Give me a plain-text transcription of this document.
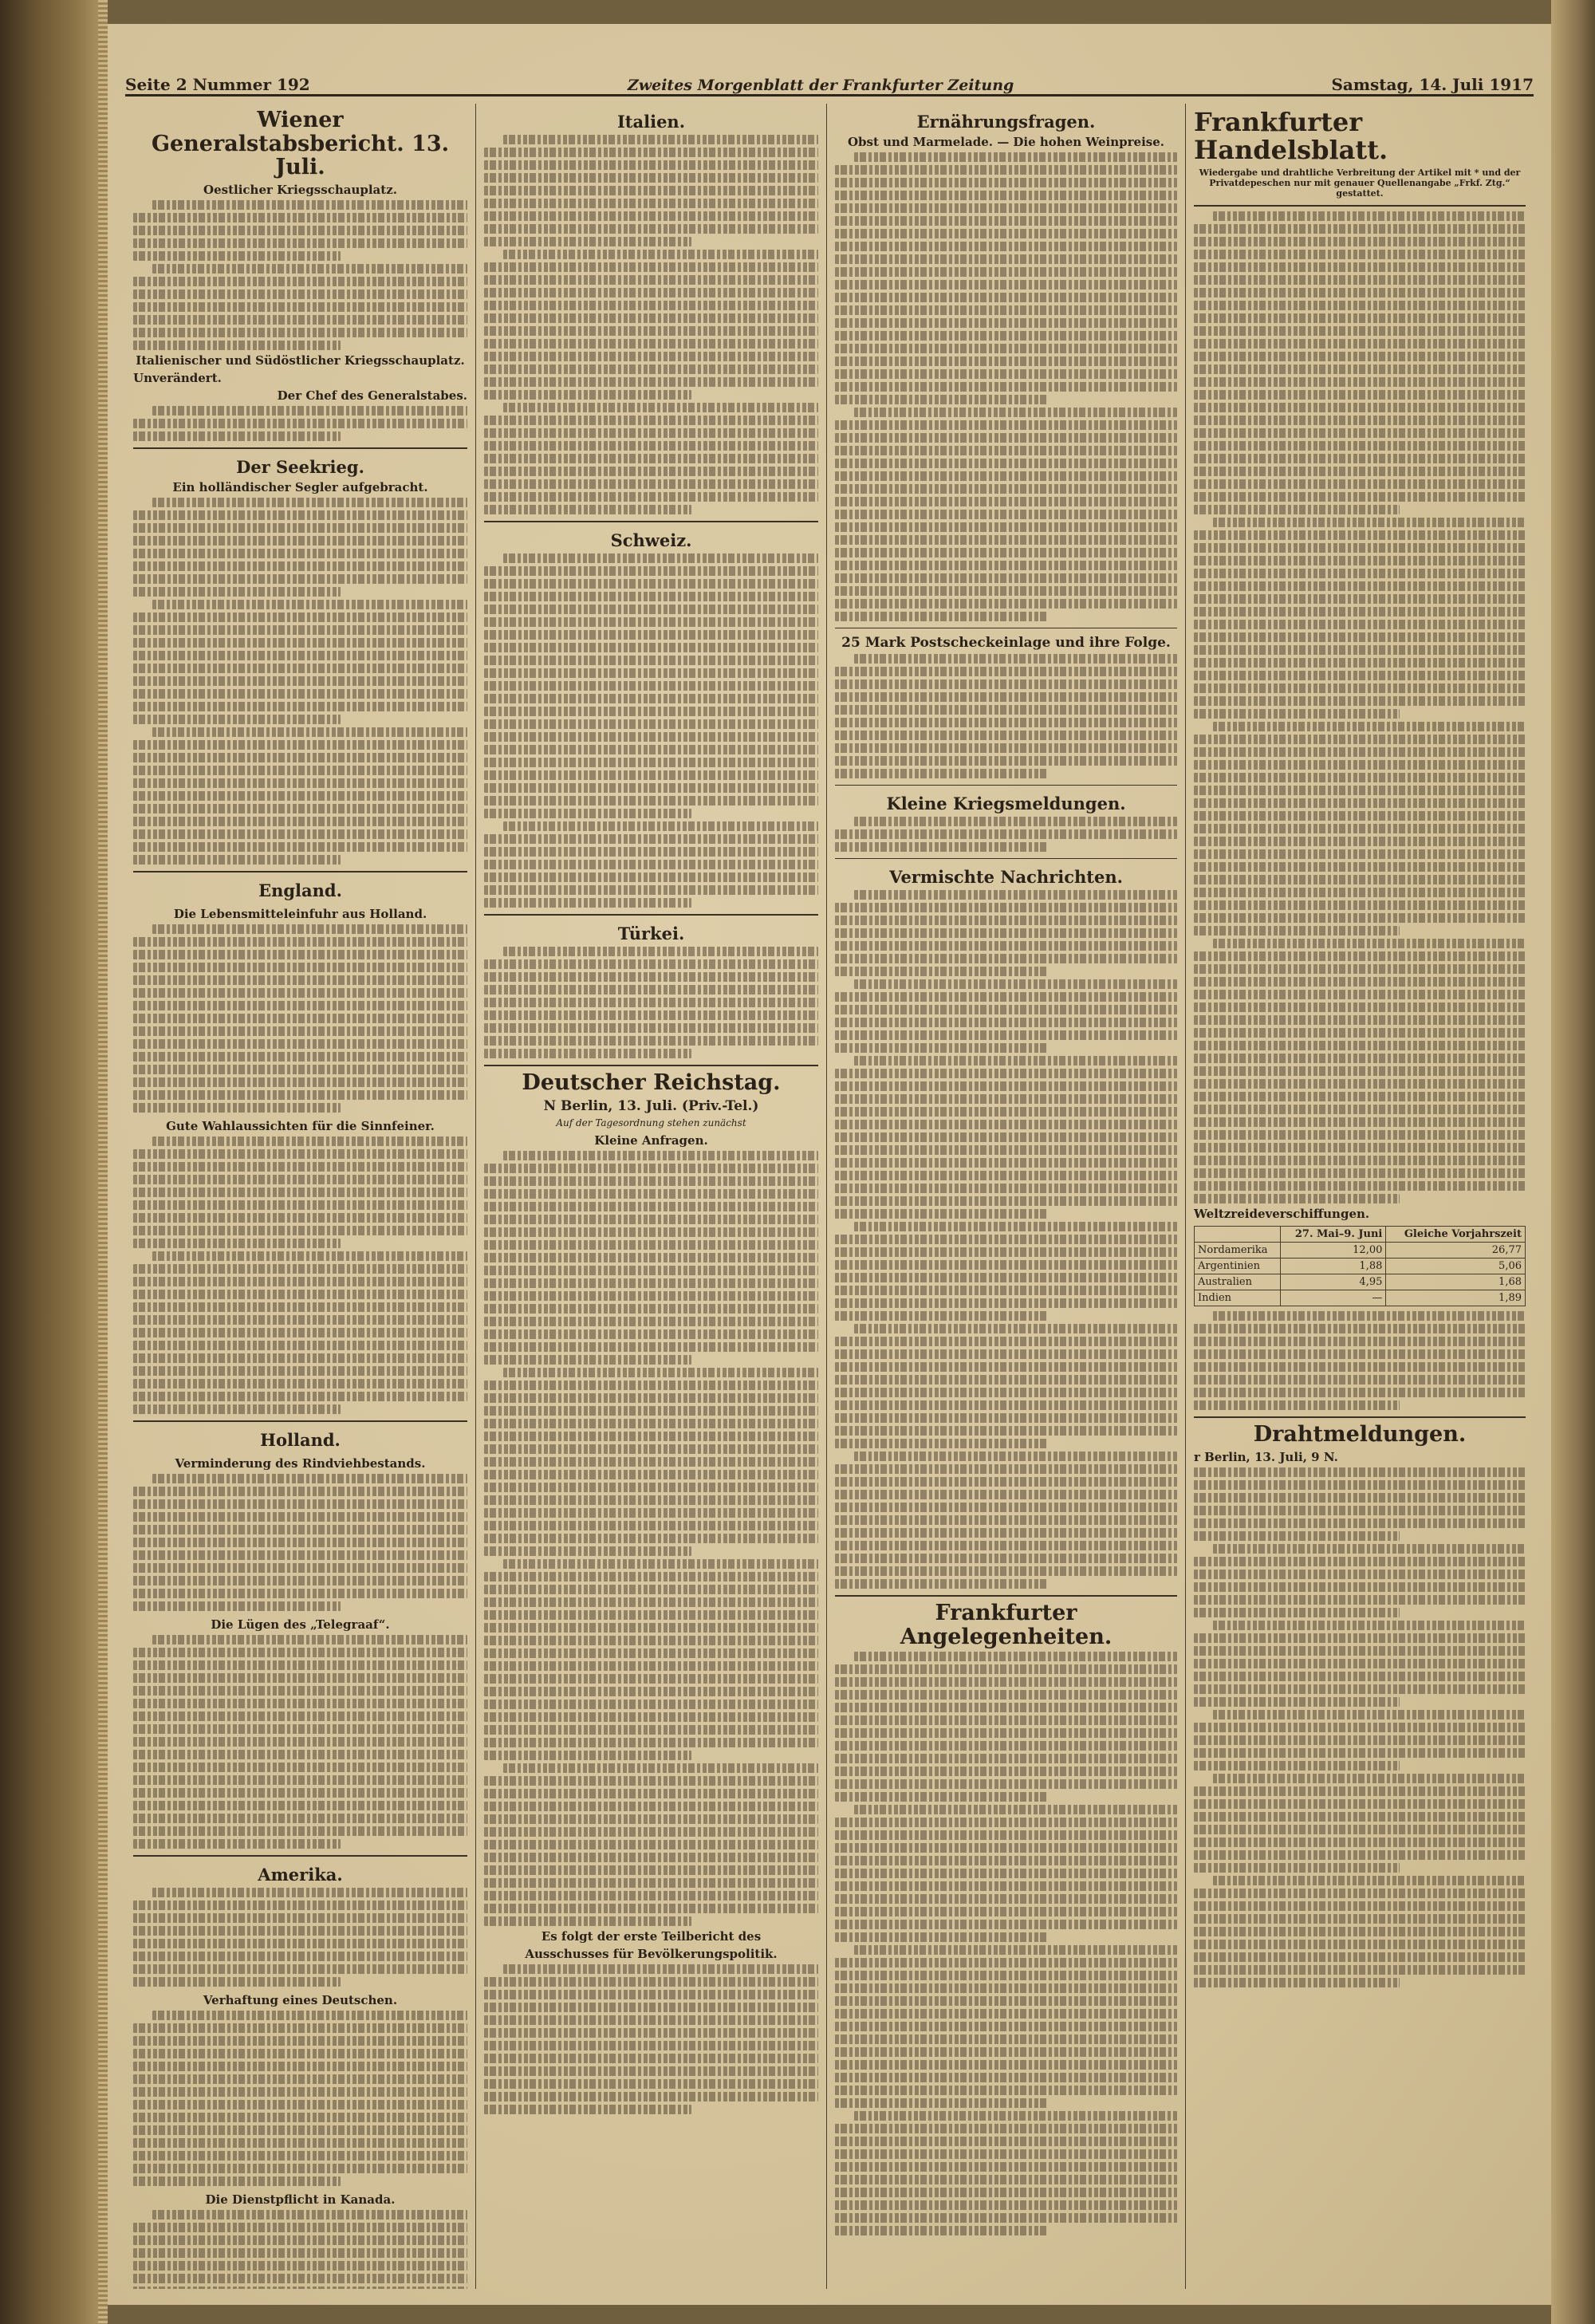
Seite 2 Nummer 192	Zweites Morgenblatt der Frankfurter Zeitung	Samstag, 14. Juli 1917
Wiener Generalstabsbericht. 13. Juli.
Oestlicher Kriegsschauplatz.
Italienischer und Südöstlicher Kriegsschauplatz.
Unverändert.
Der Chef des Generalstabes.
Der Seekrieg.
Ein holländischer Segler aufgebracht.
England.
Die Lebensmitteleinfuhr aus Holland.
Gute Wahlaussichten für die Sinnfeiner.
Holland.
Verminderung des Rindviehbestands.
Die Lügen des „Telegraaf“.
Amerika.
Verhaftung eines Deutschen.
Die Dienstpflicht in Kanada.
Italien.
Schweiz.
Türkei.
Deutscher Reichstag.
N Berlin, 13. Juli. (Priv.-Tel.)
Auf der Tagesordnung stehen zunächst
Kleine Anfragen.
Es folgt der erste Teilbericht des
Ausschusses für Bevölkerungspolitik.
Ernährungsfragen.
Obst und Marmelade. — Die hohen Weinpreise.
25 Mark Postscheckeinlage und ihre Folge.
Kleine Kriegsmeldungen.
Vermischte Nachrichten.
Frankfurter Angelegenheiten.
Frankfurter Handelsblatt.
Wiedergabe und drahtliche Verbreitung der Artikel mit * und der Privatdepeschen nur mit genauer Quellenangabe „Frkf. Ztg.“ gestattet.
Weltzreideverschiffungen.
	27. Mai–9. Juni	Gleiche Vorjahrszeit
Nordamerika	12,00	26,77
Argentinien	1,88	5,06
Australien	4,95	1,68
Indien	—	1,89
Drahtmeldungen.
r Berlin, 13. Juli, 9 N.
